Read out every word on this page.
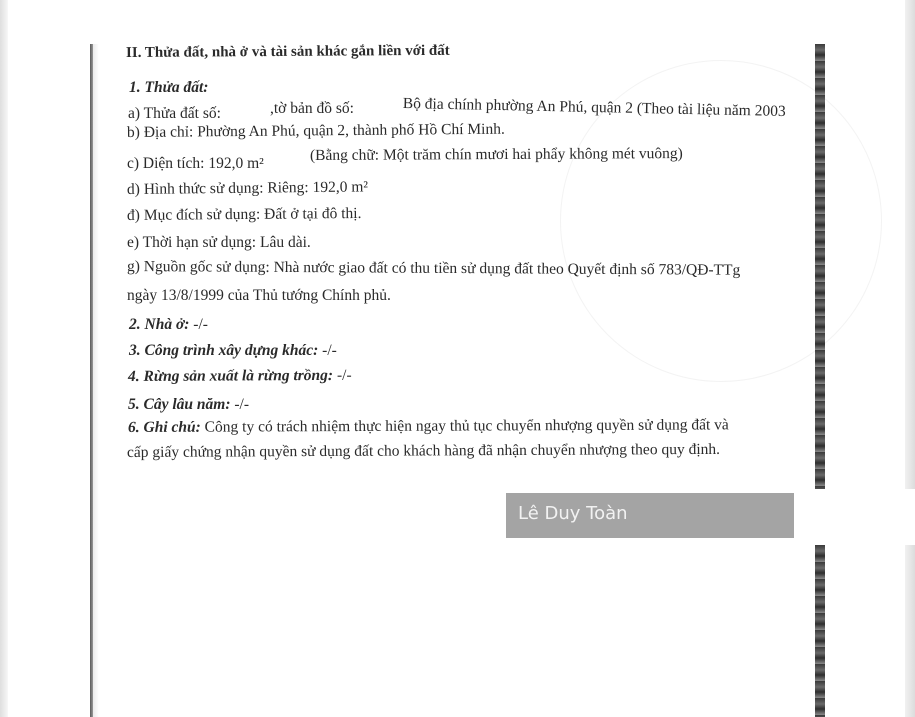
II. Thửa đất, nhà ở và tài sản khác gắn liền với đất
1. Thửa đất:
a) Thửa đất số:	,tờ bản đồ số:	Bộ địa chính phường An Phú, quận 2 (Theo tài liệu năm 2003
b) Địa chỉ: Phường An Phú, quận 2, thành phố Hồ Chí Minh.
c) Diện tích: 192,0 m²	(Bằng chữ: Một trăm chín mươi hai phẩy không mét vuông)
d) Hình thức sử dụng: Riêng: 192,0 m²
đ) Mục đích sử dụng: Đất ở tại đô thị.
e) Thời hạn sử dụng: Lâu dài.
g) Nguồn gốc sử dụng: Nhà nước giao đất có thu tiền sử dụng đất theo Quyết định số 783/QĐ-TTg
ngày 13/8/1999 của Thủ tướng Chính phủ.
2. Nhà ở: -/-
3. Công trình xây dựng khác: -/-
4. Rừng sản xuất là rừng trồng: -/-
5. Cây lâu năm: -/-
6. Ghi chú: Công ty có trách nhiệm thực hiện ngay thủ tục chuyển nhượng quyền sử dụng đất và
cấp giấy chứng nhận quyền sử dụng đất cho khách hàng đã nhận chuyển nhượng theo quy định.
Lê Duy Toàn
